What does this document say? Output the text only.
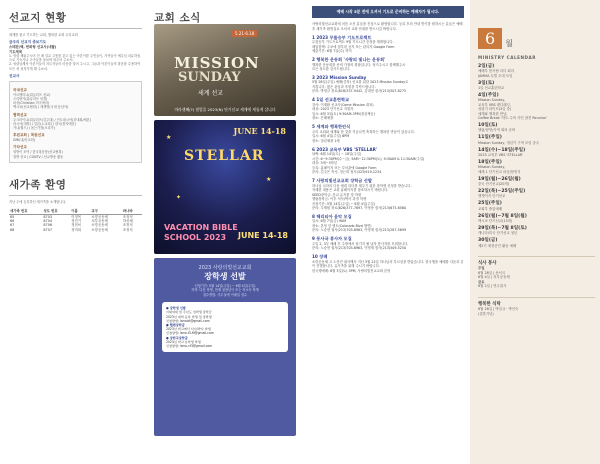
선교지 현황
세계를 품고 기도하는 교회, 행복한 교회 우리교회
금주의 선교지 중보기도
스테판/백, 현화형 선교사(네팔)
기도제목
1. 성령 채워주시어 전 매 설교 고통를 갖고 있는 아론이를 주민들이, 가족들이 예수님 치유하심으로 기숙사나 고아들을 돌보며 따주어 주소서.
2. 성령님께서 아론이들의 지도자들의 마음을 열어 주시고, 그들과 아론이들의 복음을 수용하여 모든 성 성지가게 해 주소서.
선교사
국내선교
아르헨티나(위클리프 선교)
스리랑카(위클리프 성경)
피싱(Christian 미국에서)
멕시코(선교협회) / 새생명(국내 동남아)
협력선교
우크라이나(위클리프/김주대) / 인도네시아(강대희/세론)
러시아(대학) / 일본(노교회) / 한국(봄자예문)
가나(월드) / 돕는가정(오리가)
후원교회 | 목원선교
GMI(내/신교회)
기타선교
열방이 모여 / 한국복음통(선교협회)
열방 선교 | CGNTV / 선교방송 활동
새가족 환영
지난 주에 등록하신 새가족을 소개합니다.
새가족 번호	성도 번호	이름	교구	바나바
65	8703	이정목	소망공동체	조정석
66	8704	정진기	서부공동체	하선혜
67	8706	정현씨	소망공동체	조정석
68	8707	정미희	소망공동체	조정석
교회 소식
5.21-6.18
MISSION
SUNDAY
세계 선교
마라셋째(?) 협업을 2023(N) 단기선교 세계에 새롭게 삽니다
★
★
✦
JUNE 14-18
STELLAR
VACATION BIBLE
SCHOOL 2023 JUNE 14-18
2023 사랑의빛선교교회
장학생 선발
신청기간: 5월 14일(주일) ~ 6월 4일(주일)
자격: 다음 학생, 현재 청장년이 또는 저소득 학생
접수방법: 사무실에 이메일 접수
● 장학생 선발
이화여대 및 주년도 입학생 장학금
2023년 대학 등록 학생 및 장학생
신청방법: lsmcbt@gmail.com
● 헬렌장학금
2023년 학교에서 석사/박사 학생
신청방법: lsmc.ELM@gmail.com
● 장한국장학금
2023년 학교 유학생 학생
신청방법: lsmc.cf3@gmail.com
예배 시작 5분 전에 오셔서 기도로 준비하는 예배자가 됩시다.
사랑의빛선교교회에 처음 오신 분들을 진심으로 환영합니다. 등록 후의 안내 받기를 원하시는 분들은 예배 후 새가족 환영실로 오셔서 교회 안내를 받으시길 바랍니다.
1 2023 무릎승부 기도프로젝트
무릎승부 기도프로젝트 9월 기도시간 증정을 계획합니다.
매일함께: 주보에 첨부된 공지 또는 관리자 Google Form
제출기간: 6월 7일(수) 까지
2 행복한 운동회 '사랑의 빛나는 운동회'
행복한 운동회를 준비 가정의 화합입니다. 성가주시고 함께해주시
모든 성도를 감사드립니다.
3 2023 Mission Sunday
5월 28일(주일) 예배(중하) 선교를 위한 2023 Mission Sunday로
지킵니다. 많은 관심과 후원을 부탁드립니다.
문의: 박영규 장로(818)337-9442, 김대현 집사(213)507-8275
4 1일 선교훈련학교
강사: 이재환 선교사(Come Mission 대표)
대상: 2023 단기선교 지원자
일시: 6월 3일(토) 9:30AM-3PM(점심제공)
장소: 은혜채플
5 세계와 행복한안식
우리 교회와 세계와 한 것을 거듭나면 축복하는 행복한 만남이 있습니다.
일시: 6월 4일(주일) 6PM
장소: 열린채플 1세
6 2023 교육부 VBS 'STELLAR'
날짜: 6월 14일(수) ~ 18일(주일)
시간: 6~9:30PM(수~금), 9AM~12:30PM(토), 9:30AM & 11:30AM(주일)
대상: 3세~5학년
등록: 홈페이지 또는 부서관에 Google Form
문의: 김주은 목사, 정근화 집사(323)919-1234
7 사랑의빛선교교회 장학금 선발
하나님 나라의 다음 세대 리더를 세우기 위한 장학생 신청을 받습니다.
자세한 내용은 교회 홈페이지를 참조하시기 바랍니다.
SEED장학금: 본교 유지를 및 학원
엘림장학금: 이후 석사/박사 과정 학생
신청기간: 5월 14일(주일) ~ 6월 4일(주일)
문의: 우제원 장로(626)377-7697, 이영준 집사(213)675-8560
8 헤리티아 음악 모집
일시: 6월 7일(금) 9AM
장소: 본당 앞 엔트(Colorado Blvd 방면)
문의: 노숭현 권사(213)703-6963, 이영재 집사(213)287-5699
9 동사국 봉사자 모집
주일 2, 3부 예배 후 주방에서 섬기지 될 남자 봉사자를 모집합니다.
문의: 노숭현 권사(213)703-6963, 이영재 집사(213)509-5250
10 장례
소망공동체 고 노종진 권사께서 지난 5월 22일 하나님의 부르심을 받았습니다. 한국행을 예배를 다음과 같이 진행합니다. 유가족을 위해 주시기 바랍니다.
한국행예배: 6월 3일(토) 3PM, 사랑의빛선교교회 본당
6 월
MINISTRY CALENDAR
2일(금)
예배부 봉사팀 리더 회의
JAMMA 특별 초대 모임
3일(토)
1일 선교훈련학교
4일(주일)
Mission Sunday,
교육부 VBS 랜디래잉,
성령기 라이브(3일 중)
세계와 행복한 만남,
Coffee Break '하트 수어 사인 참견 Reunion'
10일(토)
엘림/봉헌/사역 회의 준비
11일(주일)
Mission Sunday, 정년기 구역 모임 중주
14일(수)~18일(주일)
2023 교육부 VBS 'STELLAR'
18일(주일)
Mission Sunday,
세례 1 단기선교 파송/봉헌식
19일(월)~26일(월)
중국 단기선교(20개)
22일(목)~25일(주일)
엔게이지 단기선교
25일(주일)
교회부 졸업예배
26일(월)~7월 8일(월)
멕시코 단기선교(13개)
29일(목)~7월 8일(토)
캐나다/미국 단기선교 청년
30일(금)
제2기 재정증인 활동 예배
식사 봉사
주일
6월 28일 | 동서국
6월 4일 | 서부공동체
금요
6월 2일 | 연수집사
행복한 식탁
6월 28일 | 박일규 · 박인숙
(결혼기념)
